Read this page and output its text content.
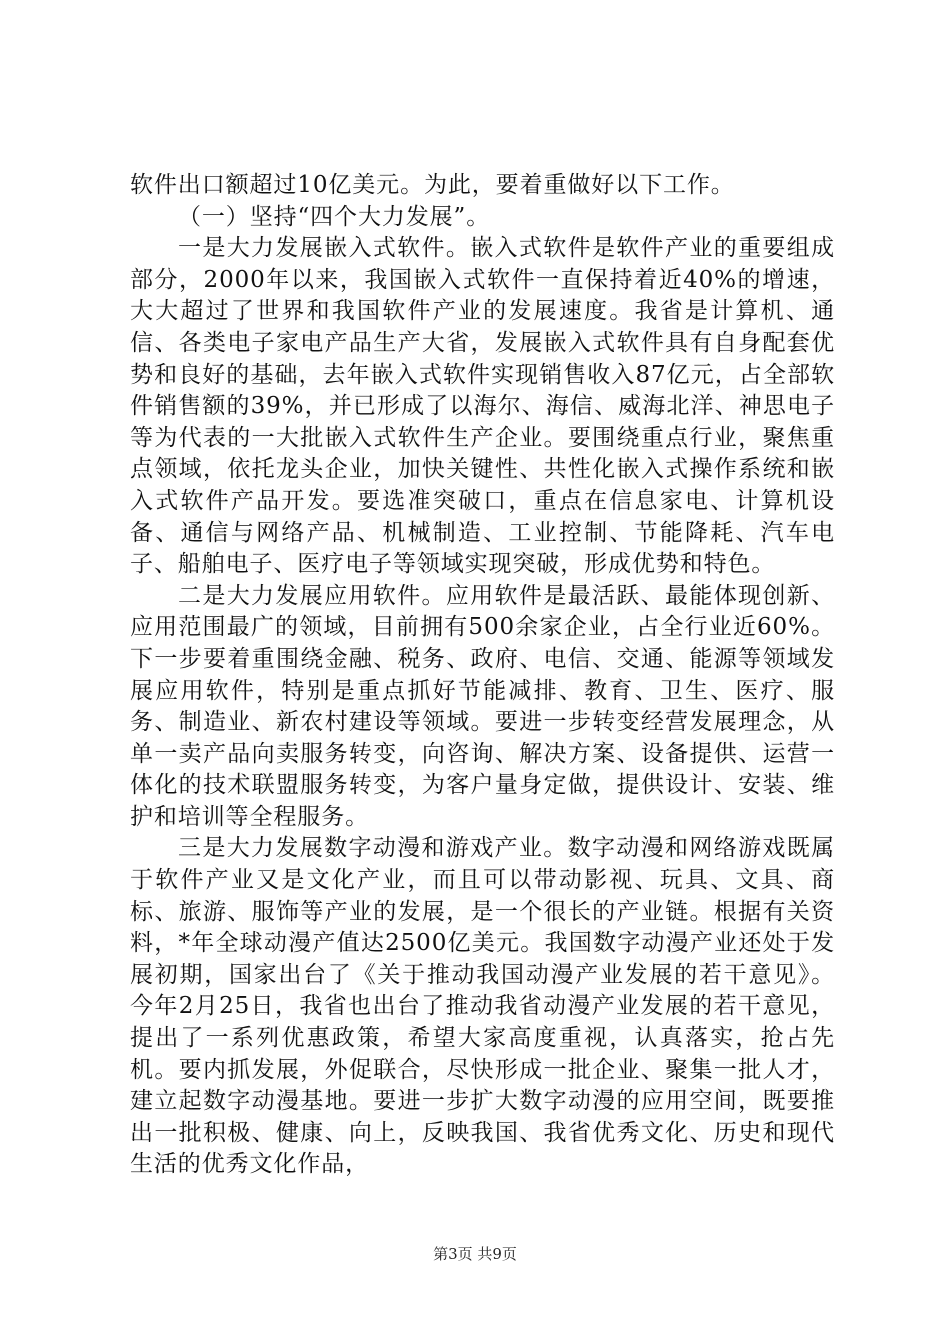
软件出口额超过10亿美元。为此，要着重做好以下工作。

（一）坚持“四个大力发展”。

一是大力发展嵌入式软件。嵌入式软件是软件产业的重要组成部分，2000年以来，我国嵌入式软件一直保持着近40%的增速，大大超过了世界和我国软件产业的发展速度。我省是计算机、通信、各类电子家电产品生产大省，发展嵌入式软件具有自身配套优势和良好的基础，去年嵌入式软件实现销售收入87亿元，占全部软件销售额的39%，并已形成了以海尔、海信、威海北洋、神思电子等为代表的一大批嵌入式软件生产企业。要围绕重点行业，聚焦重点领域，依托龙头企业，加快关键性、共性化嵌入式操作系统和嵌入式软件产品开发。要选准突破口，重点在信息家电、计算机设备、通信与网络产品、机械制造、工业控制、节能降耗、汽车电子、船舶电子、医疗电子等领域实现突破，形成优势和特色。

二是大力发展应用软件。应用软件是最活跃、最能体现创新、应用范围最广的领域，目前拥有500余家企业，占全行业近60%。下一步要着重围绕金融、税务、政府、电信、交通、能源等领域发展应用软件，特别是重点抓好节能减排、教育、卫生、医疗、服务、制造业、新农村建设等领域。要进一步转变经营发展理念，从单一卖产品向卖服务转变，向咨询、解决方案、设备提供、运营一体化的技术联盟服务转变，为客户量身定做，提供设计、安装、维护和培训等全程服务。

三是大力发展数字动漫和游戏产业。数字动漫和网络游戏既属于软件产业又是文化产业，而且可以带动影视、玩具、文具、商标、旅游、服饰等产业的发展，是一个很长的产业链。根据有关资料，*年全球动漫产值达2500亿美元。我国数字动漫产业还处于发展初期，国家出台了《关于推动我国动漫产业发展的若干意见》。今年2月25日，我省也出台了推动我省动漫产业发展的若干意见，提出了一系列优惠政策，希望大家高度重视，认真落实，抢占先机。要内抓发展，外促联合，尽快形成一批企业、聚集一批人才，建立起数字动漫基地。要进一步扩大数字动漫的应用空间，既要推出一批积极、健康、向上，反映我国、我省优秀文化、历史和现代生活的优秀文化作品，

第3页 共9页
